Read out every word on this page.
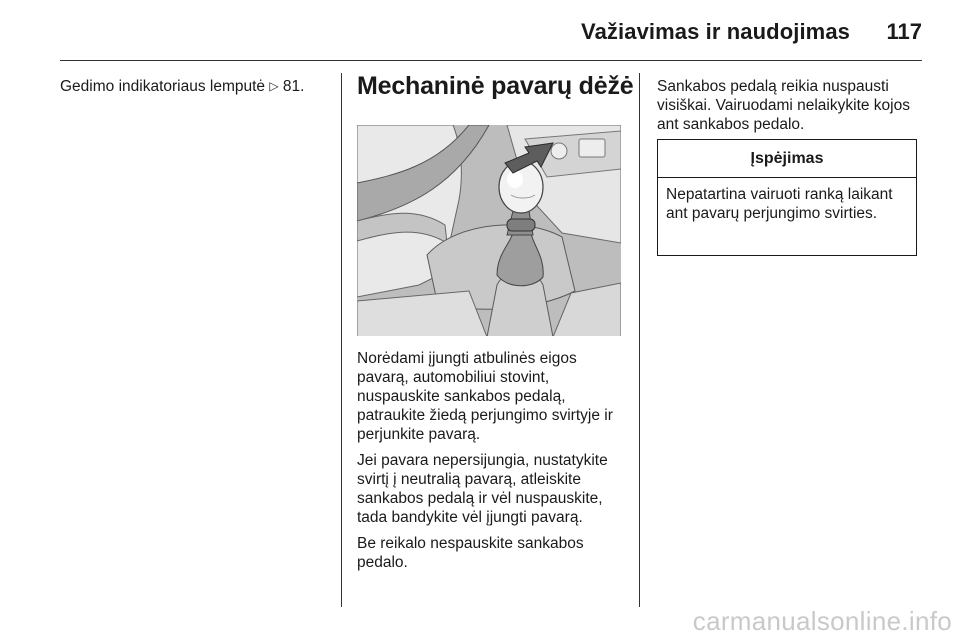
Važiavimas ir naudojimas	117
Gedimo indikatoriaus lemputė ▷ 81.	Mechaninė pavarų dėžė

Norėdami įjungti atbulinės eigos pavarą, automobiliui stovint, nuspauskite sankabos pedalą, patraukite žiedą perjungimo svirtyje ir perjunkite pavarą.

Jei pavara nepersijungia, nustatykite svirtį į neutralią pavarą, atleiskite sankabos pedalą ir vėl nuspauskite, tada bandykite vėl įjungti pavarą.

Be reikalo nespauskite sankabos pedalo.

Sankabos pedalą reikia nuspausti visiškai. Vairuodami nelaikykite kojos ant sankabos pedalo.

Įspėjimas
Nepatartina vairuoti ranką laikant ant pavarų perjungimo svirties.
carmanualsonline.info
